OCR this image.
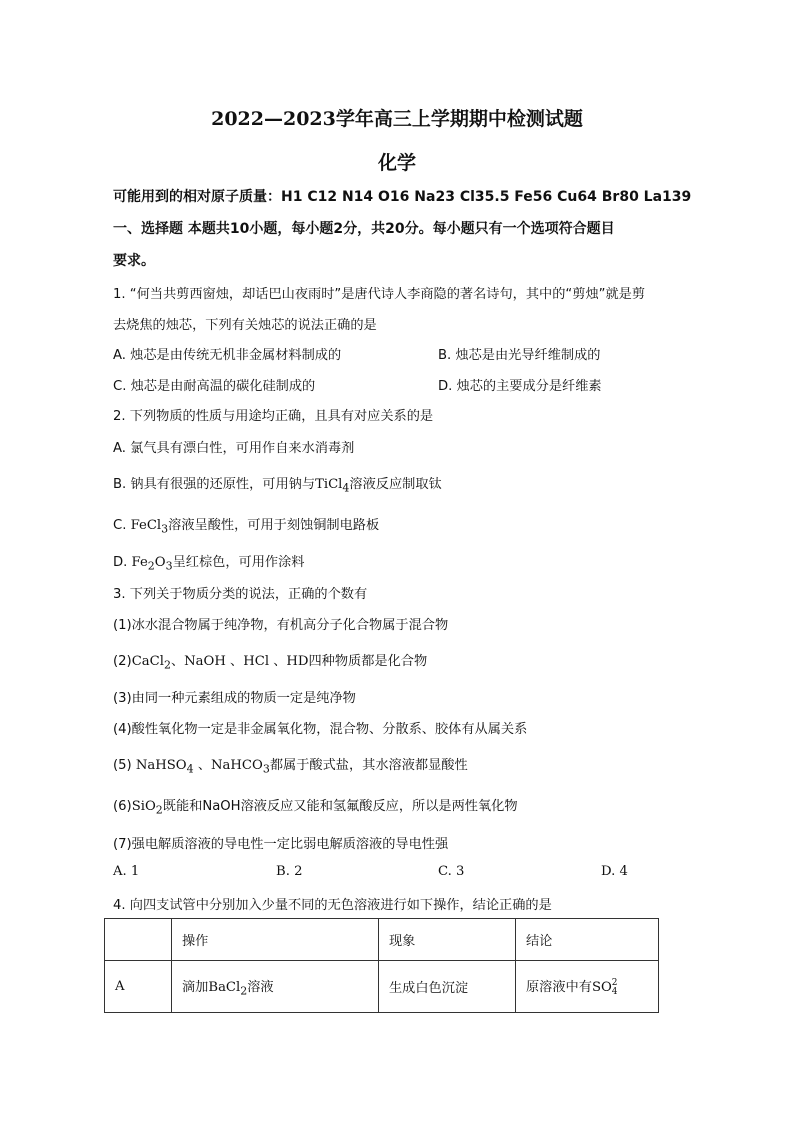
2022—2023学年高三上学期期中检测试题
化学
可能用到的相对原子质量：H1 C12 N14 O16 Na23 Cl35.5 Fe56 Cu64 Br80 La139
一、选择题 本题共10小题，每小题2分，共20分。每小题只有一个选项符合题目
要求。
1. “何当共剪西窗烛，却话巴山夜雨时”是唐代诗人李商隐的著名诗句，其中的“剪烛”就是剪
去烧焦的烛芯，下列有关烛芯的说法正确的是
A. 烛芯是由传统无机非金属材料制成的	B. 烛芯是由光导纤维制成的
C. 烛芯是由耐高温的碳化硅制成的	D. 烛芯的主要成分是纤维素
2. 下列物质的性质与用途均正确，且具有对应关系的是
A. 氯气具有漂白性，可用作自来水消毒剂
B. 钠具有很强的还原性，可用钠与TiCl$_4$溶液反应制取钛
C. FeCl$_3$溶液呈酸性，可用于刻蚀铜制电路板
D. $Fe_2O_3$呈红棕色，可用作涂料
3. 下列关于物质分类的说法，正确的个数有
(1)冰水混合物属于纯净物，有机高分子化合物属于混合物
(2)CaCl$_2$、NaOH 、HCl 、HD四种物质都是化合物
(3)由同一种元素组成的物质一定是纯净物
(4)酸性氧化物一定是非金属氧化物，混合物、分散系、胶体有从属关系
(5) NaHSO$_4$ 、NaHCO$_3$都属于酸式盐，其水溶液都显酸性
(6)SiO$_2$既能和NaOH溶液反应又能和氢氟酸反应，所以是两性氧化物
(7)强电解质溶液的导电性一定比弱电解质溶液的导电性强
A. 1	B. 2	C. 3	D. 4
4. 向四支试管中分别加入少量不同的无色溶液进行如下操作，结论正确的是
	操作	现象	结论
A	滴加BaCl$_2$溶液	生成白色沉淀	原溶液中有SO 2
4
